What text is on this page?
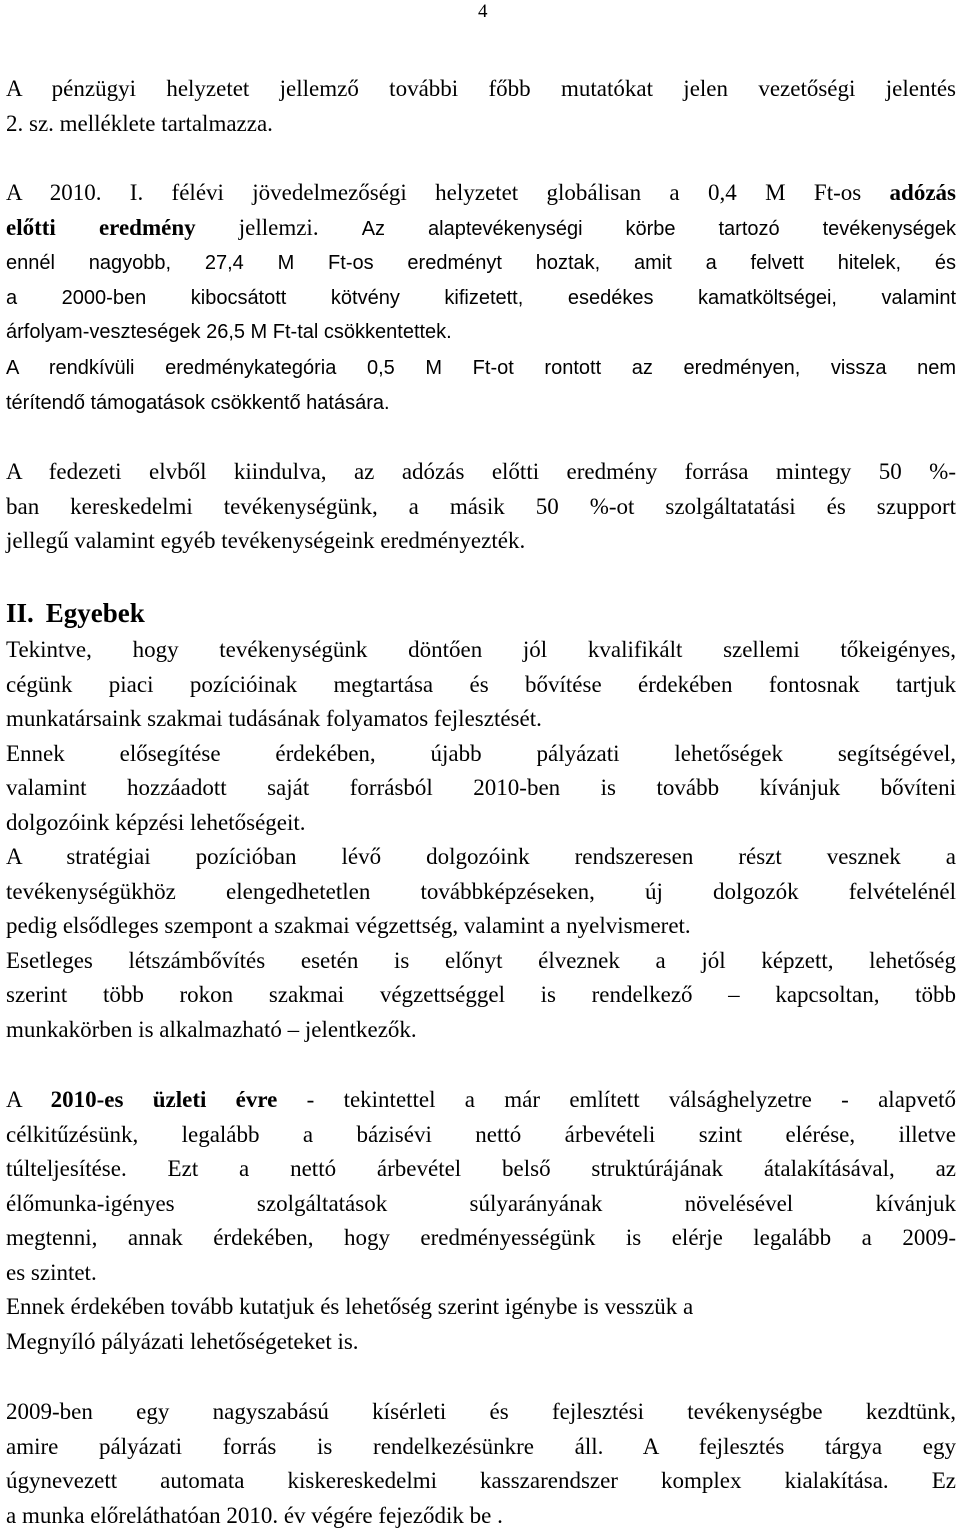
4
A pénzügyi helyzetet jellemző további főbb mutatókat jelen vezetőségi jelentés
2. sz. melléklete tartalmazza.
A 2010. I. félévi jövedelmezőségi helyzetet globálisan a 0,4 M Ft-os adózás
előtti eredmény jellemzi. Az alaptevékenységi körbe tartozó tevékenységek
ennél nagyobb, 27,4 M Ft-os eredményt hoztak, amit a felvett hitelek, és
a 2000-ben kibocsátott kötvény kifizetett, esedékes kamatköltségei, valamint
árfolyam-veszteségek 26,5 M Ft-tal csökkentettek.
A rendkívüli eredménykategória 0,5 M Ft-ot rontott az eredményen, vissza nem
térítendő támogatások csökkentő hatására.
A fedezeti elvből kiindulva, az adózás előtti eredmény forrása mintegy 50 %-
ban kereskedelmi tevékenységünk, a másik 50 %-ot szolgáltatatási és szupport
jellegű valamint egyéb tevékenységeink eredményezték.
II. Egyebek
Tekintve, hogy tevékenységünk döntően jól kvalifikált szellemi tőkeigényes,
cégünk piaci pozícióinak megtartása és bővítése érdekében fontosnak tartjuk
munkatársaink szakmai tudásának folyamatos fejlesztését.
Ennek elősegítése érdekében, újabb pályázati lehetőségek segítségével,
valamint hozzáadott saját forrásból 2010-ben is tovább kívánjuk bővíteni
dolgozóink képzési lehetőségeit.
A stratégiai pozícióban lévő dolgozóink rendszeresen részt vesznek a
tevékenységükhöz elengedhetetlen továbbképzéseken, új dolgozók felvételénél
pedig elsődleges szempont a szakmai végzettség, valamint a nyelvismeret.
Esetleges létszámbővítés esetén is előnyt élveznek a jól képzett, lehetőség
szerint több rokon szakmai végzettséggel is rendelkező – kapcsoltan, több
munkakörben is alkalmazható – jelentkezők.
A 2010-es üzleti évre - tekintettel a már említett válsághelyzetre - alapvető
célkitűzésünk, legalább a bázisévi nettó árbevételi szint elérése, illetve
túlteljesítése. Ezt a nettó árbevétel belső struktúrájának átalakításával, az
élőmunka-igényes szolgáltatások súlyarányának növelésével kívánjuk
megtenni, annak érdekében, hogy eredményességünk is elérje legalább a 2009-
es szintet.
Ennek érdekében tovább kutatjuk és lehetőség szerint igénybe is vesszük a
Megnyíló pályázati lehetőségeteket is.
2009-ben egy nagyszabású kísérleti és fejlesztési tevékenységbe kezdtünk,
amire pályázati forrás is rendelkezésünkre áll. A fejlesztés tárgya egy
úgynevezett automata kiskereskedelmi kasszarendszer komplex kialakítása. Ez
a munka előreláthatóan 2010. év végére fejeződik be .
